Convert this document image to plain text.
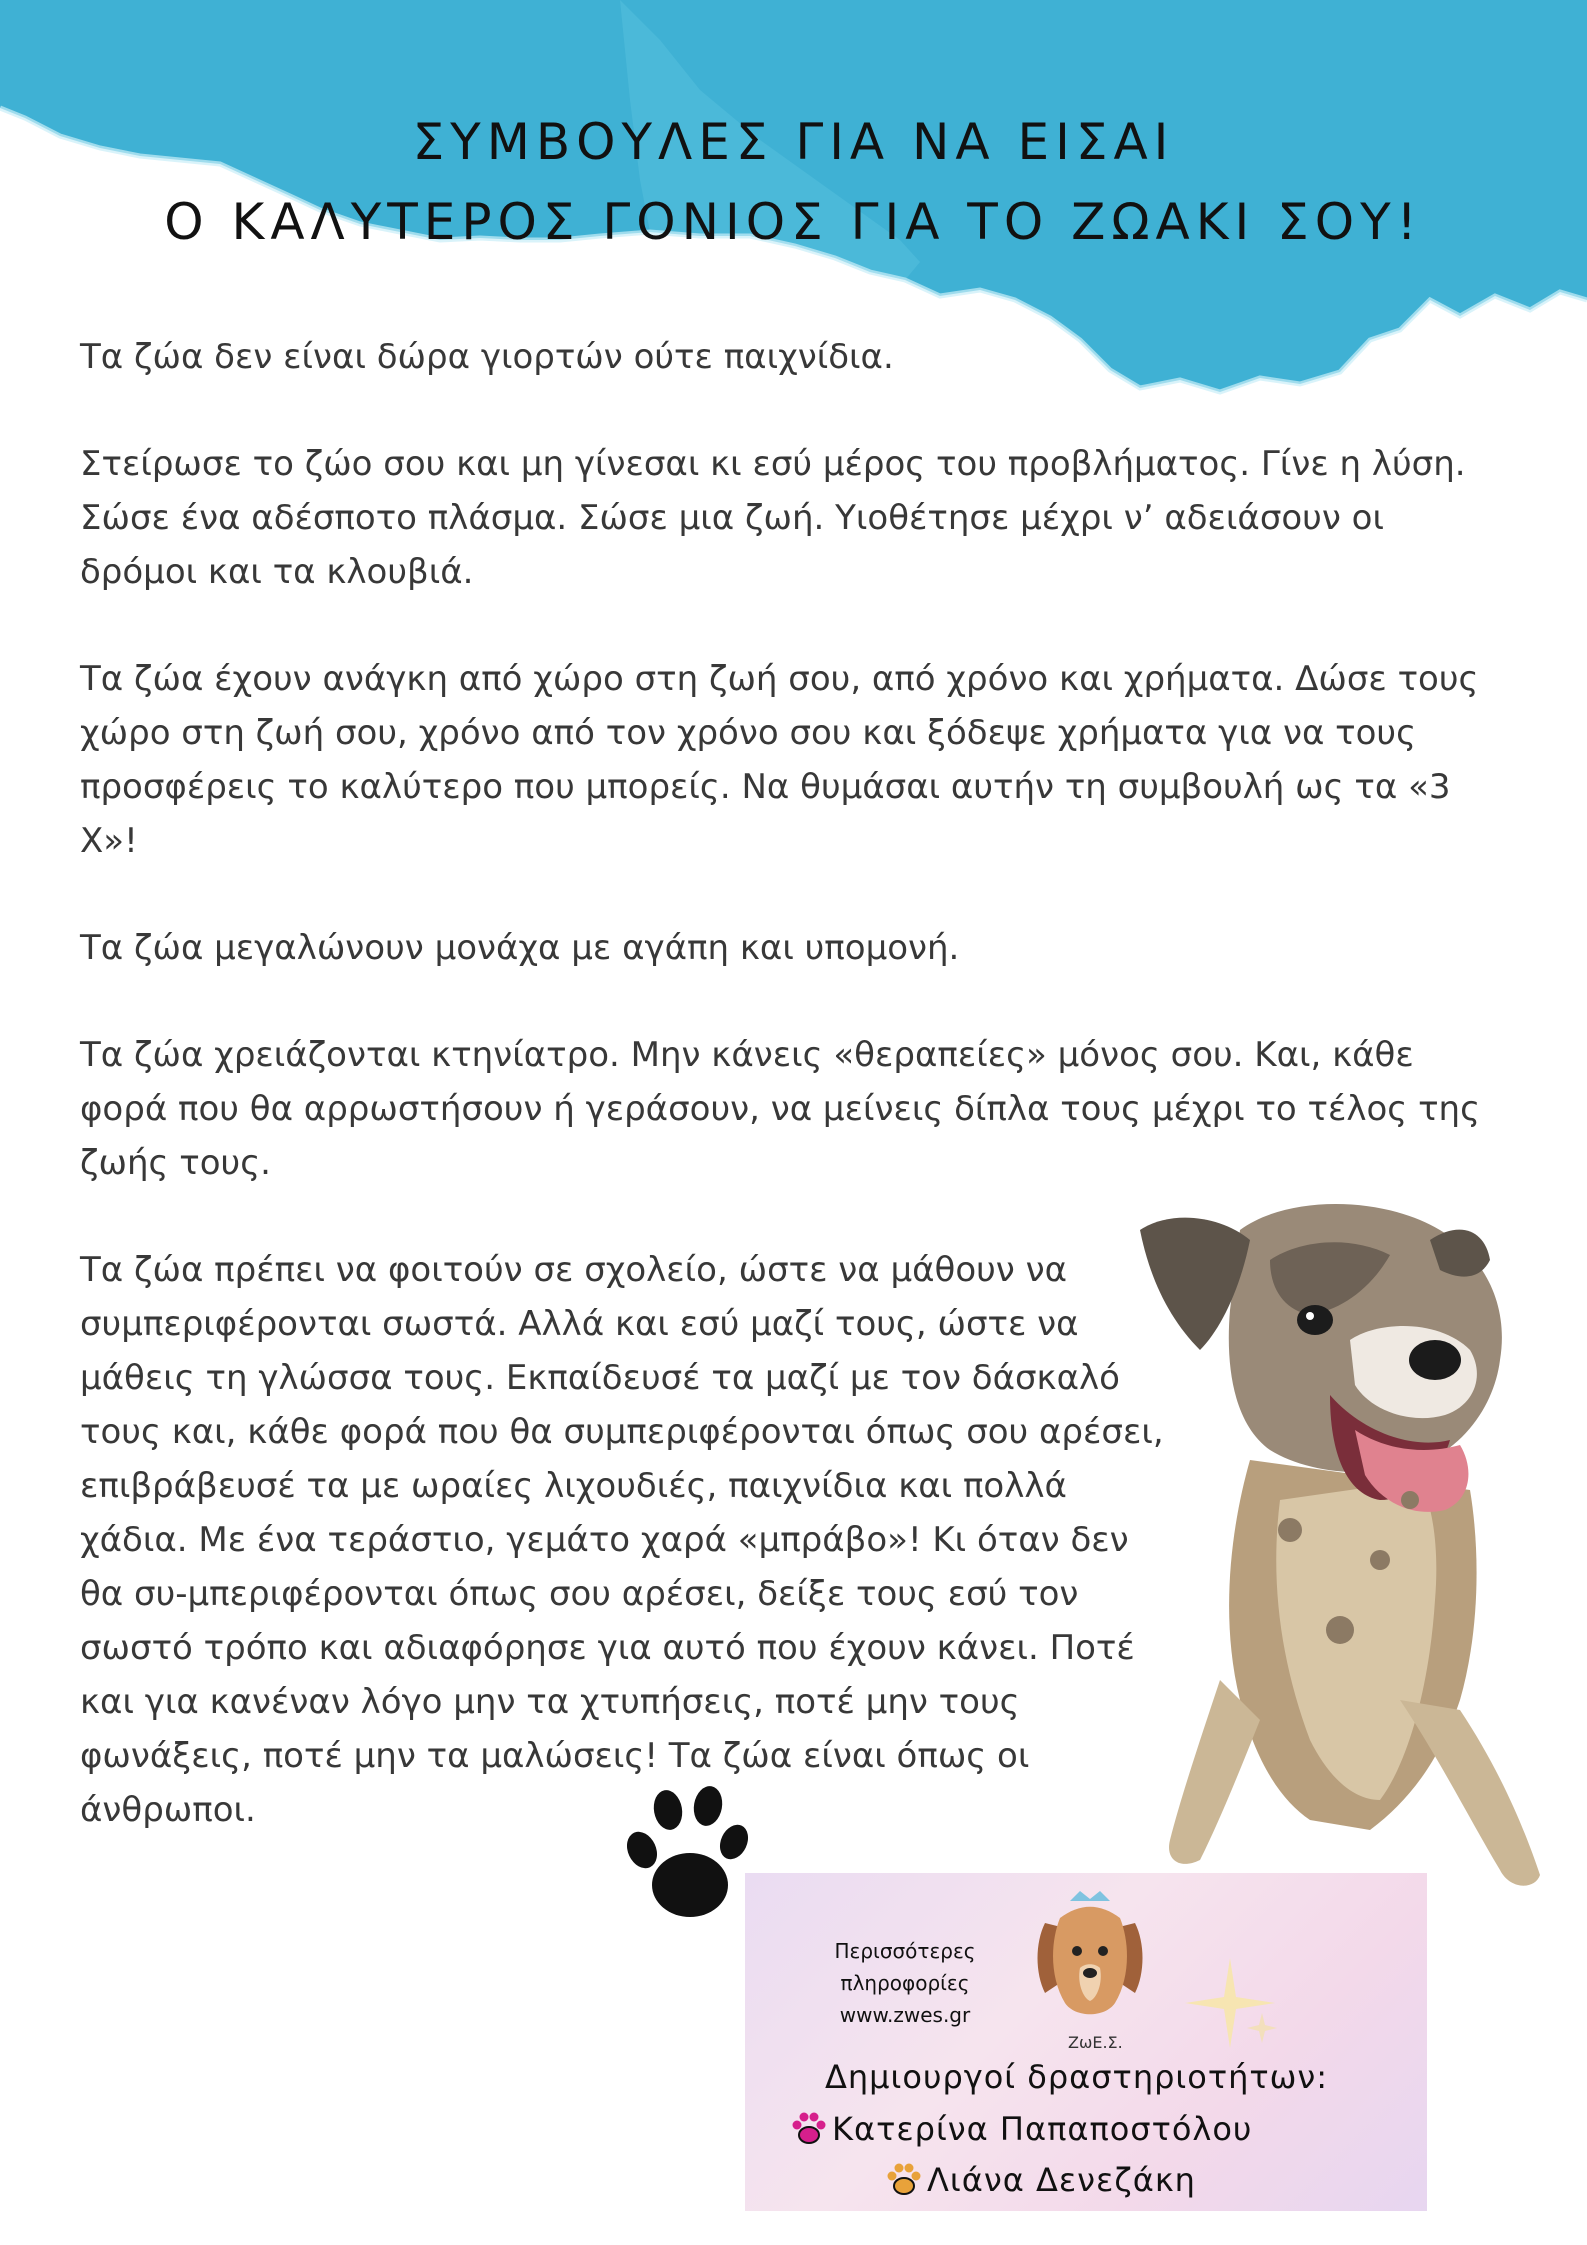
ΣΥΜΒΟΥΛΕΣ ΓΙΑ ΝΑ ΕΙΣΑΙ
Ο ΚΑΛΥΤΕΡΟΣ ΓΟΝΙΟΣ ΓΙΑ ΤΟ ΖΩΑΚΙ ΣΟΥ!

Τα ζώα δεν είναι δώρα γιορτών ούτε παιχνίδια.

Στείρωσε το ζώο σου και μη γίνεσαι κι εσύ μέρος του προβλήματος. Γίνε η λύση. Σώσε ένα αδέσποτο πλάσμα. Σώσε μια ζωή. Υιοθέτησε μέχρι ν’ αδειάσουν οι δρόμοι και τα κλουβιά.

Τα ζώα έχουν ανάγκη από χώρο στη ζωή σου, από χρόνο και χρήματα. Δώσε τους χώρο στη ζωή σου, χρόνο από τον χρόνο σου και ξόδεψε χρήματα για να τους προσφέρεις το καλύτερο που μπορείς. Να θυμάσαι αυτήν τη συμβουλή ως τα «3 Χ»!

Τα ζώα μεγαλώνουν μονάχα με αγάπη και υπομονή.

Τα ζώα χρειάζονται κτηνίατρο. Μην κάνεις «θεραπείες» μόνος σου. Και, κάθε φορά που θα αρρωστήσουν ή γεράσουν, να μείνεις δίπλα τους μέχρι το τέλος της ζωής τους.

Τα ζώα πρέπει να φοιτούν σε σχολείο, ώστε να μάθουν να συμπεριφέρονται σωστά. Αλλά και εσύ μαζί τους, ώστε να μάθεις τη γλώσσα τους. Εκπαίδευσέ τα μαζί με τον δάσκαλό τους και, κάθε φορά που θα συμπεριφέρονται όπως σου αρέσει, επιβράβευσέ τα με ωραίες λιχουδιές, παιχνίδια και πολλά χάδια. Με ένα τεράστιο, γεμάτο χαρά «μπράβο»! Κι όταν δεν θα συ-μπεριφέρονται όπως σου αρέσει, δείξε τους εσύ τον σωστό τρόπο και αδιαφόρησε για αυτό που έχουν κάνει. Ποτέ και για κανέναν λόγο μην τα χτυπήσεις, ποτέ μην τους φωνάξεις, ποτέ μην τα μαλώσεις! Τα ζώα είναι όπως οι άνθρωποι.

Περισσότερες
πληροφορίες
www.zwes.gr
ΖωΕ.Σ.
Δημιουργοί δραστηριοτήτων:
Κατερίνα Παπαποστόλου
Λιάνα Δενεζάκη
